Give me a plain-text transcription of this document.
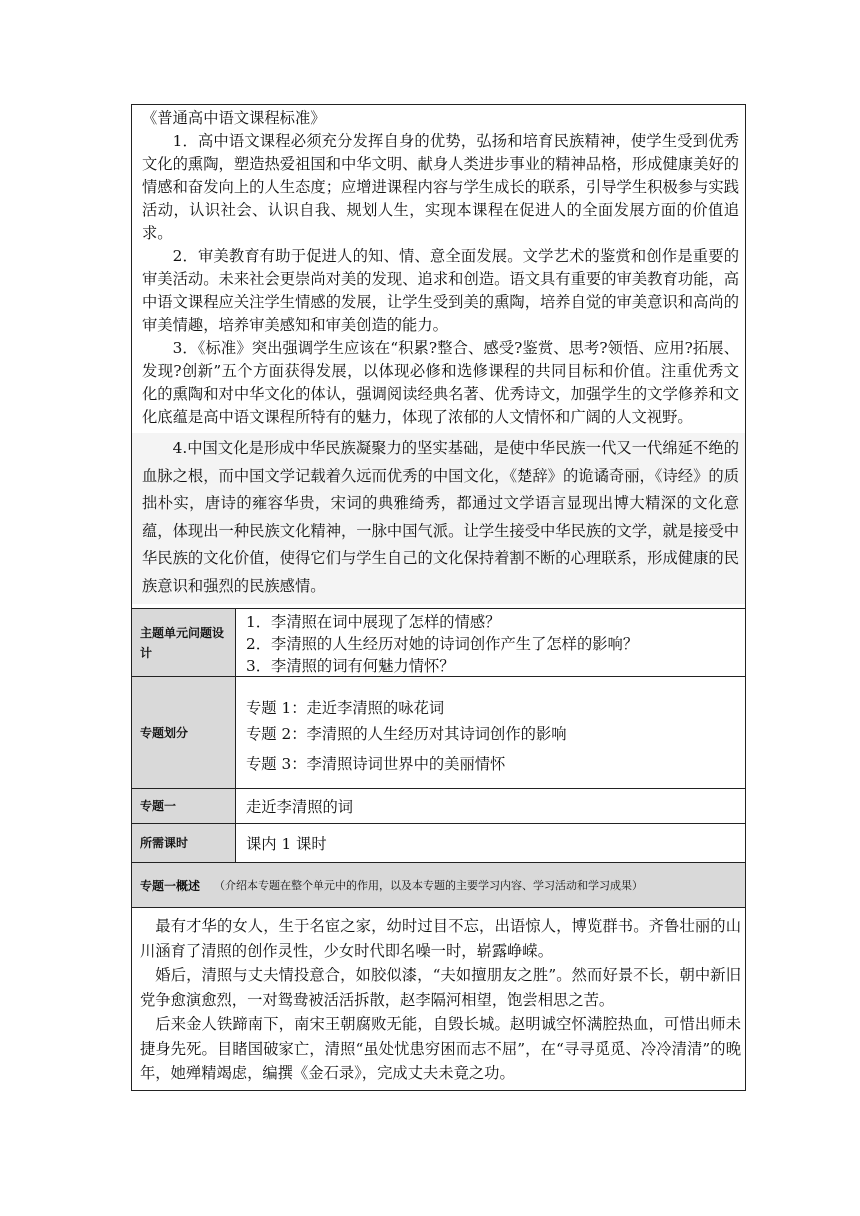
《普通高中语文课程标准》

1．高中语文课程必须充分发挥自身的优势，弘扬和培育民族精神，使学生受到优秀文化的熏陶，塑造热爱祖国和中华文明、献身人类进步事业的精神品格，形成健康美好的情感和奋发向上的人生态度；应增进课程内容与学生成长的联系，引导学生积极参与实践活动，认识社会、认识自我、规划人生，实现本课程在促进人的全面发展方面的价值追求。

2．审美教育有助于促进人的知、情、意全面发展。文学艺术的鉴赏和创作是重要的审美活动。未来社会更崇尚对美的发现、追求和创造。语文具有重要的审美教育功能，高中语文课程应关注学生情感的发展，让学生受到美的熏陶，培养自觉的审美意识和高尚的审美情趣，培养审美感知和审美创造的能力。

3．《标准》突出强调学生应该在“积累?整合、感受?鉴赏、思考?领悟、应用?拓展、发现?创新”五个方面获得发展，以体现必修和选修课程的共同目标和价值。注重优秀文化的熏陶和对中华文化的体认，强调阅读经典名著、优秀诗文，加强学生的文学修养和文化底蕴是高中语文课程所特有的魅力，体现了浓郁的人文情怀和广阔的人文视野。

4.中国文化是形成中华民族凝聚力的坚实基础，是使中华民族一代又一代绵延不绝的血脉之根，而中国文学记载着久远而优秀的中国文化，《楚辞》的诡谲奇丽，《诗经》的质拙朴实，唐诗的雍容华贵，宋词的典雅绮秀，都通过文学语言显现出博大精深的文化意蕴，体现出一种民族文化精神，一脉中国气派。让学生接受中华民族的文学，就是接受中华民族的文化价值，使得它们与学生自己的文化保持着割不断的心理联系，形成健康的民族意识和强烈的民族感情。

主题单元问题设计
1．李清照在词中展现了怎样的情感？
2．李清照的人生经历对她的诗词创作产生了怎样的影响？
3．李清照的词有何魅力情怀？
专题划分
专题 1：走近李清照的咏花词
专题 2：李清照的人生经历对其诗词创作的影响
专题 3：李清照诗词世界中的美丽情怀
专题一	走近李清照的词
所需课时	课内 1 课时
专题一概述 （介绍本专题在整个单元中的作用，以及本专题的主要学习内容、学习活动和学习成果）

最有才华的女人，生于名宦之家，幼时过目不忘，出语惊人，博览群书。齐鲁壮丽的山川涵育了清照的创作灵性，少女时代即名噪一时，崭露峥嵘。

婚后，清照与丈夫情投意合，如胶似漆，“夫如擅朋友之胜”。然而好景不长，朝中新旧党争愈演愈烈，一对鸳鸯被活活拆散，赵李隔河相望，饱尝相思之苦。

后来金人铁蹄南下，南宋王朝腐败无能，自毁长城。赵明诚空怀满腔热血，可惜出师未捷身先死。目睹国破家亡，清照“虽处忧患穷困而志不屈”，在“寻寻觅觅、冷冷清清”的晚年，她殚精竭虑，编撰《金石录》，完成丈夫未竟之功。
